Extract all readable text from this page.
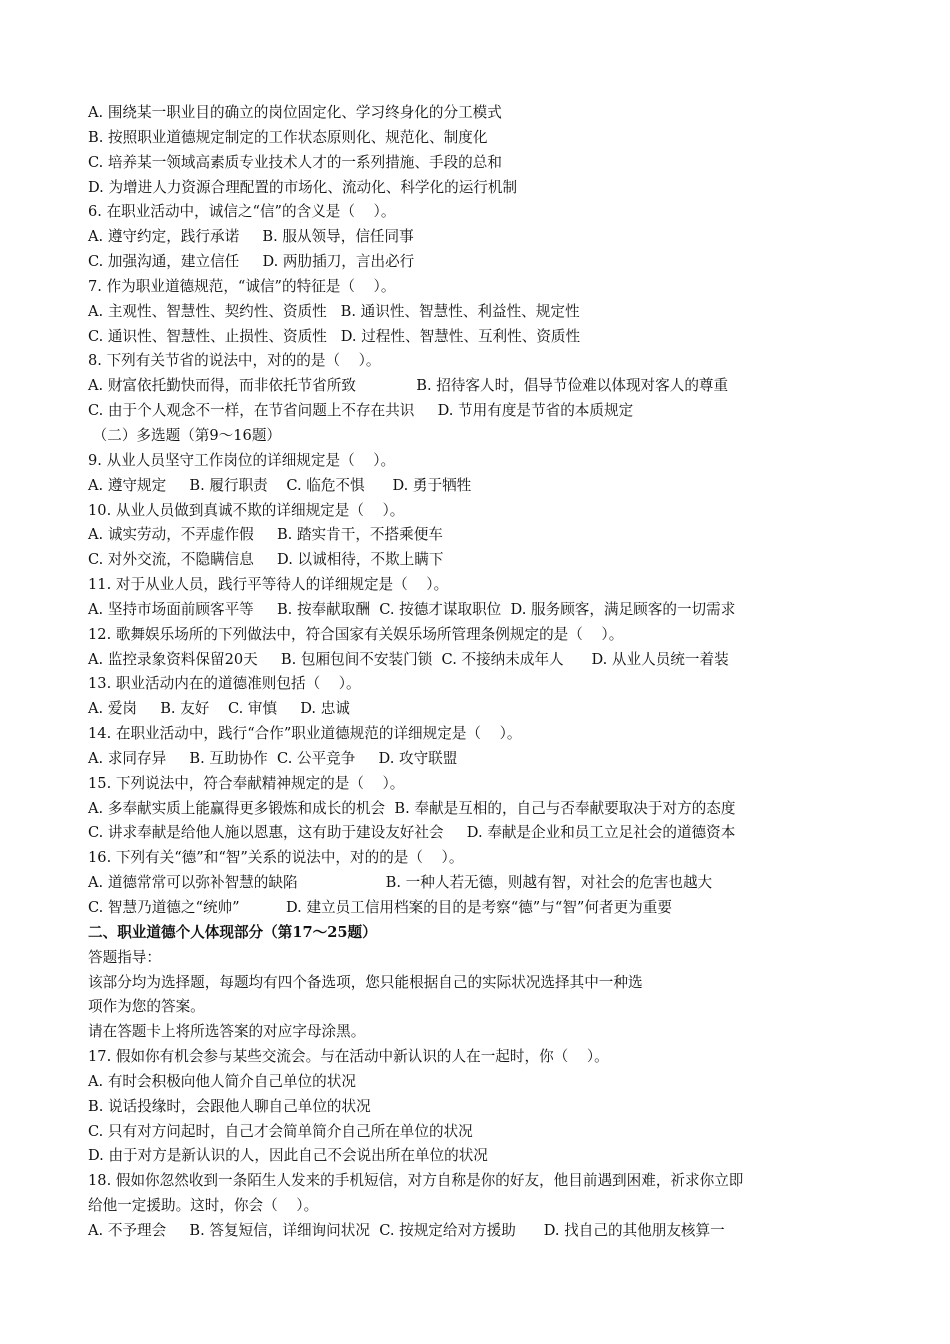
A. 围绕某一职业目的确立的岗位固定化、学习终身化的分工模式
B. 按照职业道德规定制定的工作状态原则化、规范化、制度化
C. 培养某一领域高素质专业技术人才的一系列措施、手段的总和
D. 为增进人力资源合理配置的市场化、流动化、科学化的运行机制
6. 在职业活动中，诚信之“信”的含义是（    ）。
A. 遵守约定，践行承诺     B. 服从领导，信任同事
C. 加强沟通，建立信任     D. 两肋插刀，言出必行
7. 作为职业道德规范，“诚信”的特征是（    ）。
A. 主观性、智慧性、契约性、资质性   B. 通识性、智慧性、利益性、规定性
C. 通识性、智慧性、止损性、资质性   D. 过程性、智慧性、互利性、资质性
8. 下列有关节省的说法中，对的的是（    ）。
A. 财富依托勤快而得，而非依托节省所致             B. 招待客人时，倡导节俭难以体现对客人的尊重
C. 由于个人观念不一样，在节省问题上不存在共识     D. 节用有度是节省的本质规定
（二）多选题（第9～16题）
9. 从业人员坚守工作岗位的详细规定是（    ）。
A. 遵守规定     B. 履行职责    C. 临危不惧      D. 勇于牺牲
10. 从业人员做到真诚不欺的详细规定是（    ）。
A. 诚实劳动，不弄虚作假     B. 踏实肯干，不搭乘便车
C. 对外交流，不隐瞒信息     D. 以诚相待，不欺上瞒下
11. 对于从业人员，践行平等待人的详细规定是（    ）。
A. 坚持市场面前顾客平等     B. 按奉献取酬  C. 按德才谋取职位  D. 服务顾客，满足顾客的一切需求
12. 歌舞娱乐场所的下列做法中，符合国家有关娱乐场所管理条例规定的是（    ）。
A. 监控录象资料保留20天     B. 包厢包间不安装门锁  C. 不接纳未成年人      D. 从业人员统一着装
13. 职业活动内在的道德准则包括（    ）。
A. 爱岗     B. 友好    C. 审慎     D. 忠诚
14. 在职业活动中，践行“合作”职业道德规范的详细规定是（    ）。
A. 求同存异     B. 互助协作  C. 公平竞争     D. 攻守联盟
15. 下列说法中，符合奉献精神规定的是（    ）。
A. 多奉献实质上能赢得更多锻炼和成长的机会  B. 奉献是互相的，自己与否奉献要取决于对方的态度
C. 讲求奉献是给他人施以恩惠，这有助于建设友好社会     D. 奉献是企业和员工立足社会的道德资本
16. 下列有关“德”和“智”关系的说法中，对的的是（    ）。
A. 道德常常可以弥补智慧的缺陷                   B. 一种人若无德，则越有智，对社会的危害也越大
C. 智慧乃道德之“统帅”          D. 建立员工信用档案的目的是考察“德”与“智”何者更为重要
二、职业道德个人体现部分（第17～25题）
答题指导：
该部分均为选择题，每题均有四个备选项，您只能根据自己的实际状况选择其中一种选
项作为您的答案。
请在答题卡上将所选答案的对应字母涂黑。
17. 假如你有机会参与某些交流会。与在活动中新认识的人在一起时，你（    ）。
A. 有时会积极向他人简介自己单位的状况
B. 说话投缘时，会跟他人聊自己单位的状况
C. 只有对方问起时，自己才会简单简介自己所在单位的状况
D. 由于对方是新认识的人，因此自己不会说出所在单位的状况
18. 假如你忽然收到一条陌生人发来的手机短信，对方自称是你的好友，他目前遇到困难，祈求你立即
给他一定援助。这时，你会（    ）。
A. 不予理会     B. 答复短信，详细询问状况  C. 按规定给对方援助      D. 找自己的其他朋友核算一
